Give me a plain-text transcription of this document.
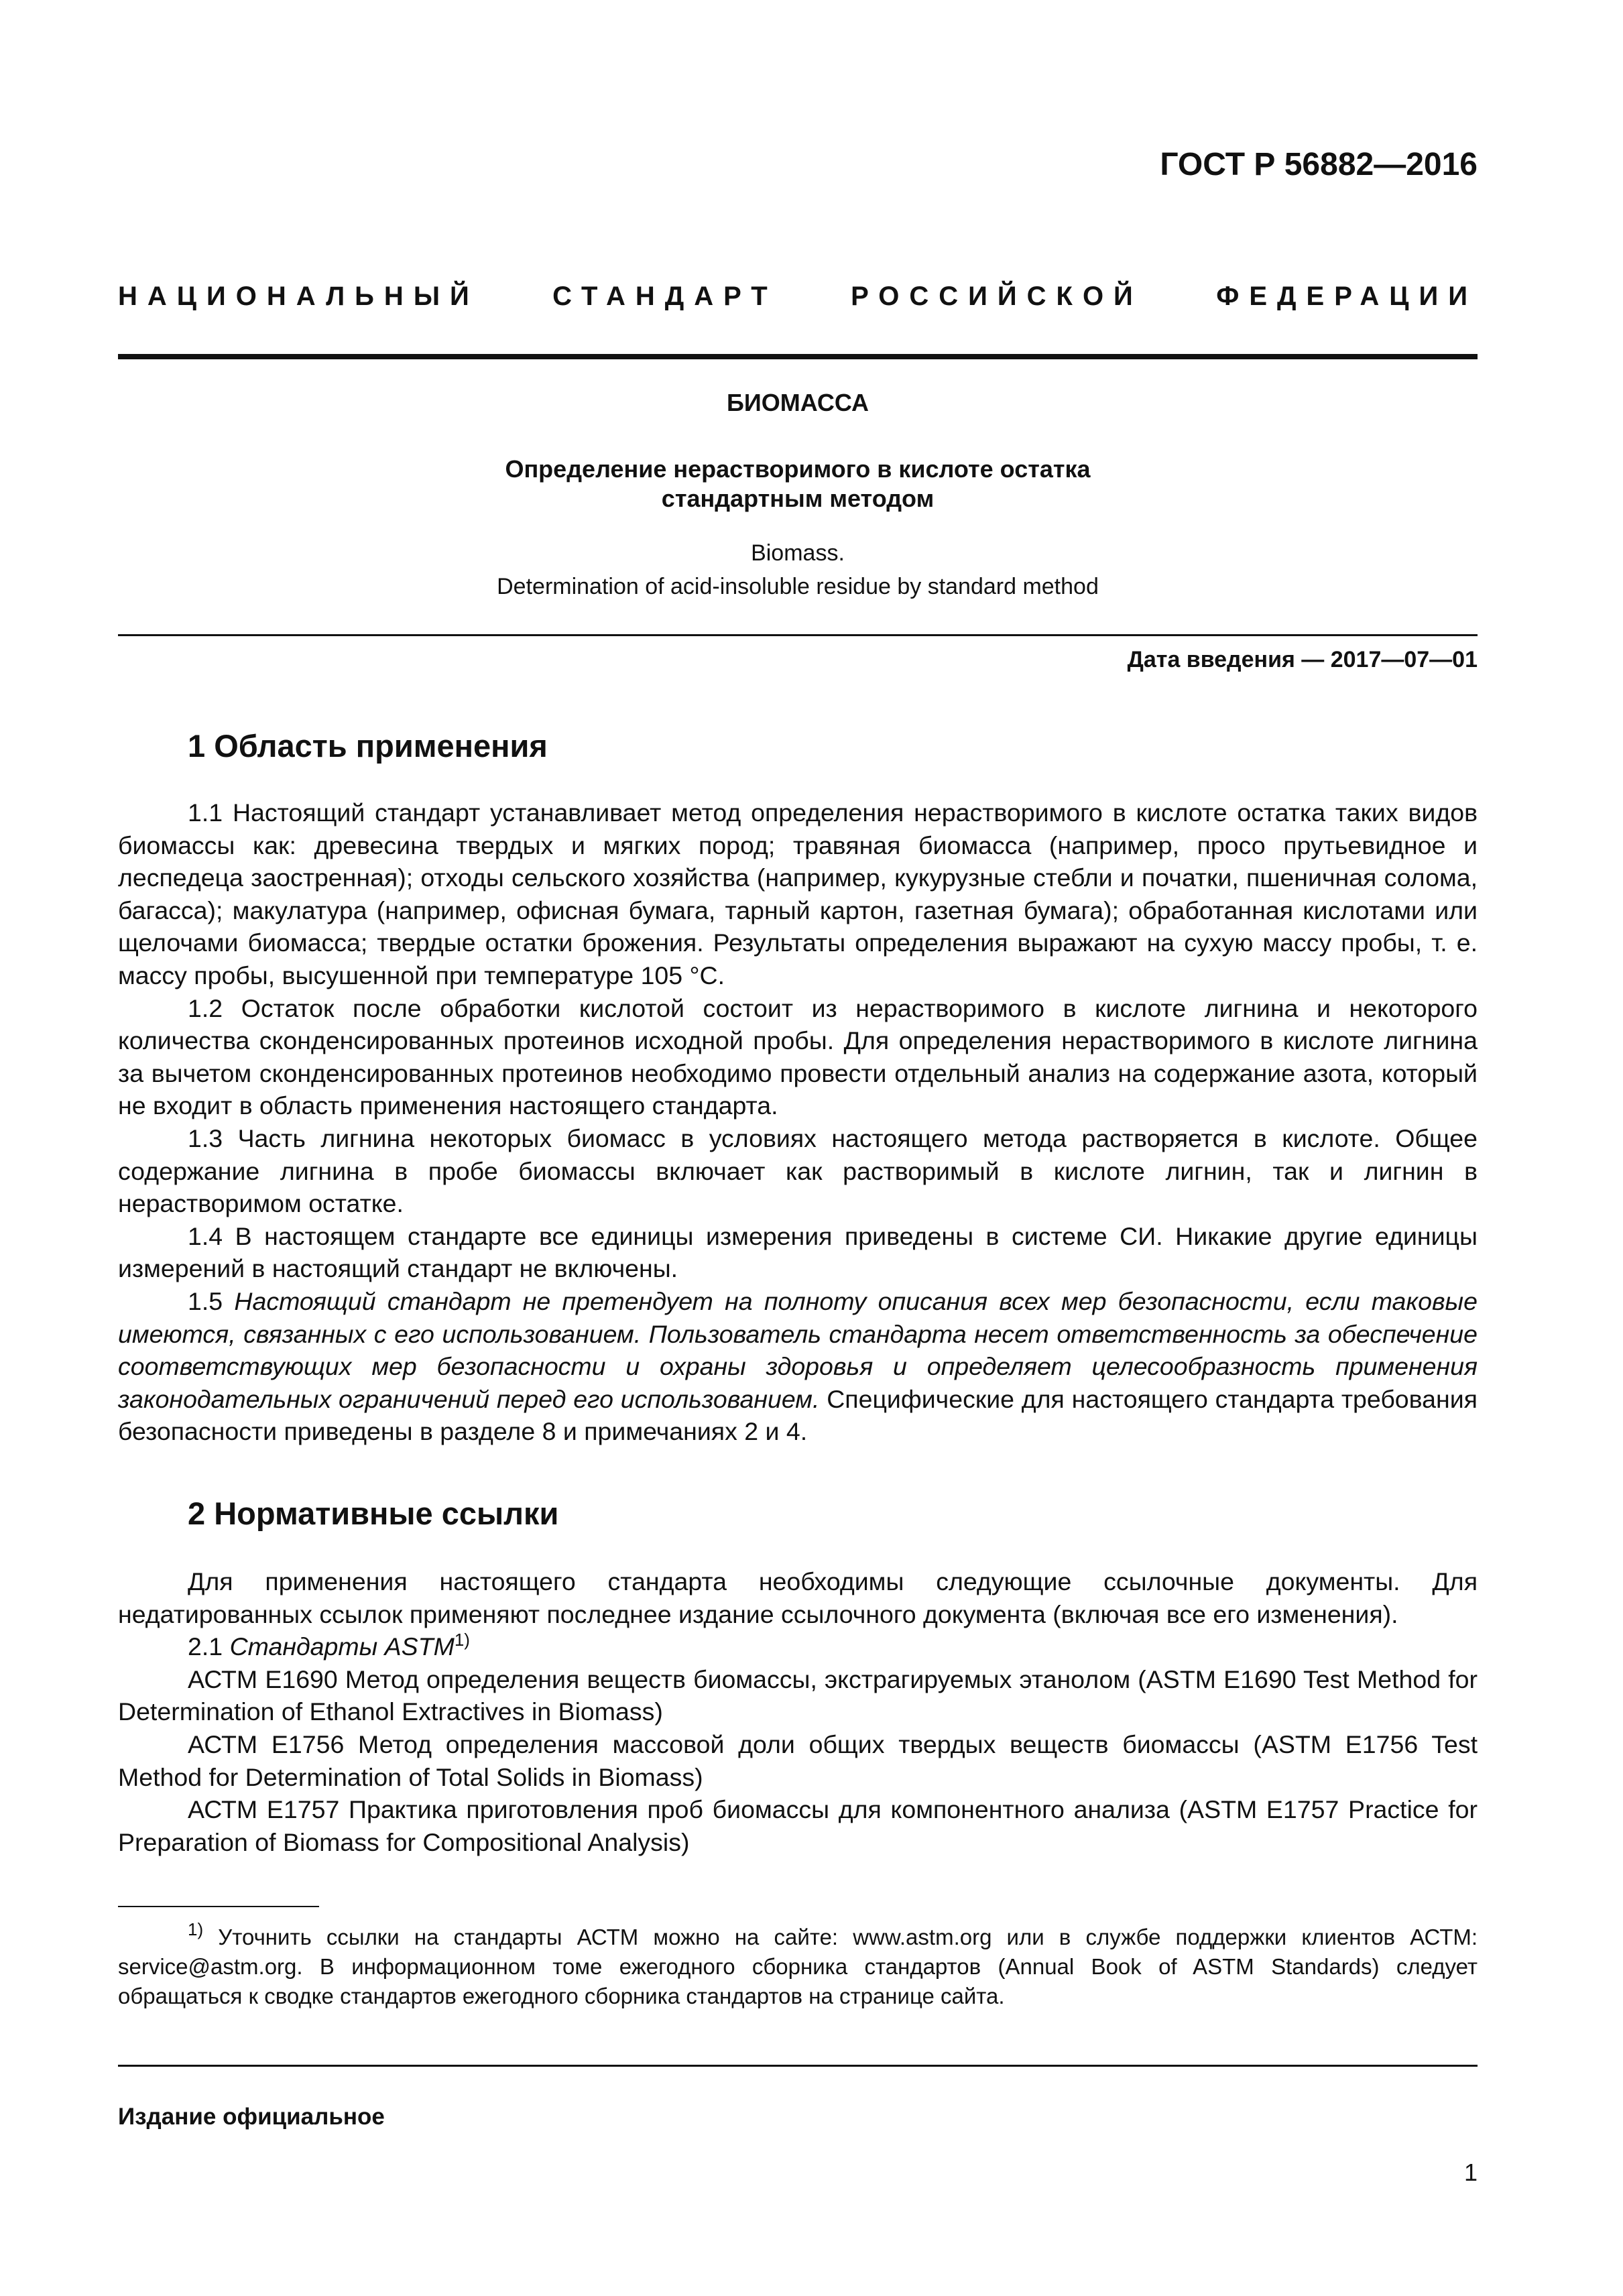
ГОСТ Р 56882—2016
НАЦИОНАЛЬНЫЙ СТАНДАРТ РОССИЙСКОЙ ФЕДЕРАЦИИ
БИОМАССА
Определение нерастворимого в кислоте остатка
стандартным методом
Biomass.
Determination of acid-insoluble residue by standard method
Дата введения — 2017—07—01
1 Область применения
1.1 Настоящий стандарт устанавливает метод определения нерастворимого в кислоте остатка таких видов биомассы как: древесина твердых и мягких пород; травяная биомасса (например, просо прутьевидное и леспедеца заостренная); отходы сельского хозяйства (например, кукурузные стебли и початки, пшеничная солома, багасса); макулатура (например, офисная бумага, тарный картон, газетная бумага); обработанная кислотами или щелочами биомасса; твердые остатки брожения. Результаты определения выражают на сухую массу пробы, т. е. массу пробы, высушенной при температуре 105 °С.
1.2 Остаток после обработки кислотой состоит из нерастворимого в кислоте лигнина и некоторого количества сконденсированных протеинов исходной пробы. Для определения нерастворимого в кислоте лигнина за вычетом сконденсированных протеинов необходимо провести отдельный анализ на содержание азота, который не входит в область применения настоящего стандарта.
1.3 Часть лигнина некоторых биомасс в условиях настоящего метода растворяется в кислоте. Общее содержание лигнина в пробе биомассы включает как растворимый в кислоте лигнин, так и лигнин в нерастворимом остатке.
1.4 В настоящем стандарте все единицы измерения приведены в системе СИ. Никакие другие единицы измерений в настоящий стандарт не включены.
1.5 Настоящий стандарт не претендует на полноту описания всех мер безопасности, если таковые имеются, связанных с его использованием. Пользователь стандарта несет ответственность за обеспечение соответствующих мер безопасности и охраны здоровья и определяет целесообразность применения законодательных ограничений перед его использованием. Специфические для настоящего стандарта требования безопасности приведены в разделе 8 и примечаниях 2 и 4.
2 Нормативные ссылки
Для применения настоящего стандарта необходимы следующие ссылочные документы. Для недатированных ссылок применяют последнее издание ссылочного документа (включая все его изменения).
2.1 Стандарты ASTM$^{1)}$
АСТМ Е1690 Метод определения веществ биомассы, экстрагируемых этанолом (ASTM E1690 Test Method for Determination of Ethanol Extractives in Biomass)
АСТМ Е1756 Метод определения массовой доли общих твердых веществ биомассы (ASTM E1756 Test Method for Determination of Total Solids in Biomass)
АСТМ Е1757 Практика приготовления проб биомассы для компонентного анализа (ASTM E1757 Practice for Preparation of Biomass for Compositional Analysis)
$^{1)}$ Уточнить ссылки на стандарты АСТМ можно на сайте: www.astm.org или в службе поддержки клиентов АСТМ: service@astm.org. В информационном томе ежегодного сборника стандартов (Annual Book of ASTM Standards) следует обращаться к сводке стандартов ежегодного сборника стандартов на странице сайта.
Издание официальное
1
